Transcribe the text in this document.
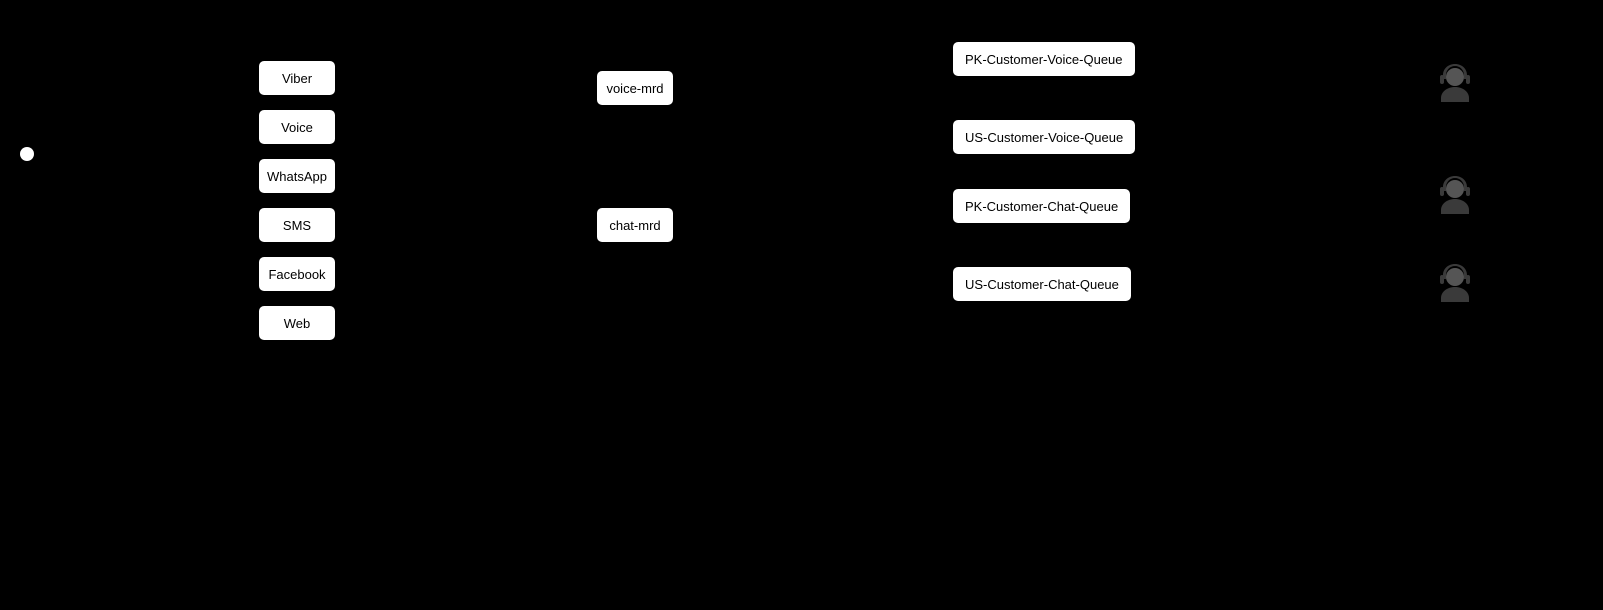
Viber
Voice
WhatsApp
SMS
Facebook
Web
voice-mrd
chat-mrd
PK-Customer-Voice-Queue
US-Customer-Voice-Queue
PK-Customer-Chat-Queue
US-Customer-Chat-Queue
